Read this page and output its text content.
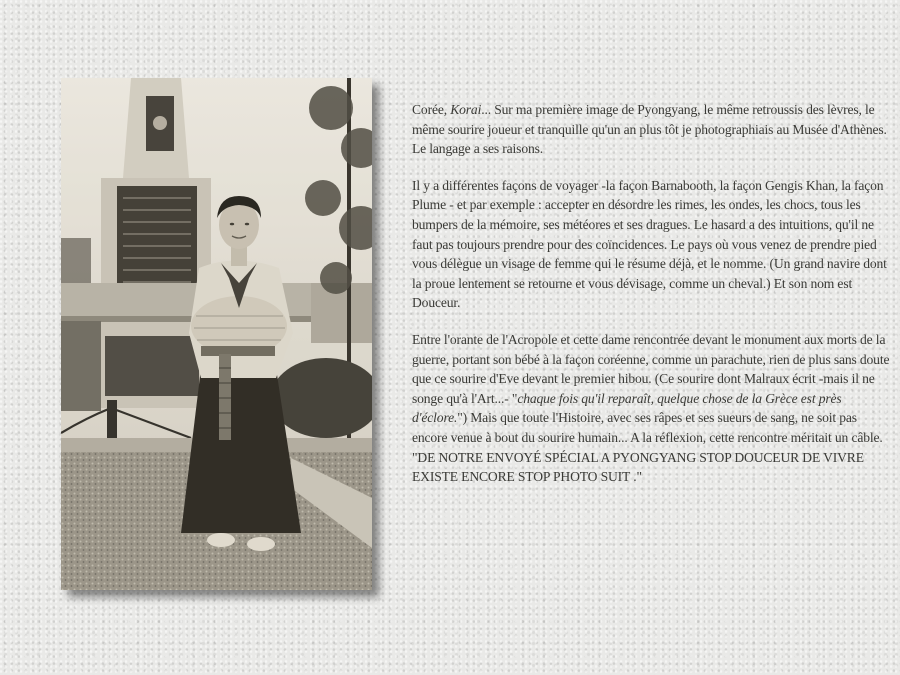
Corée, Korai... Sur ma première image de Pyongyang, le même retroussis des lèvres, le même sourire joueur et tranquille qu'un an plus tôt je photographiais au Musée d'Athènes. Le langage a ses raisons.

Il y a différentes façons de voyager -la façon Barnabooth, la façon Gengis Khan, la façon Plume - et par exemple : accepter en désordre les rimes, les ondes, les chocs, tous les bumpers de la mémoire, ses météores et ses dragues. Le hasard a des intuitions, qu'il ne faut pas toujours prendre pour des coïncidences. Le pays où vous venez de prendre pied vous délègue un visage de femme qui le résume déjà, et le nomme. (Un grand navire dont la proue lentement se retourne et vous dévisage, comme un cheval.) Et son nom est Douceur.

Entre l'orante de l'Acropole et cette dame rencontrée devant le monument aux morts de la guerre, portant son bébé à la façon coréenne, comme un parachute, rien de plus sans doute que ce sourire d'Eve devant le premier hibou. (Ce sourire dont Malraux écrit -mais il ne songe qu'à l'Art...- "chaque fois qu'il reparaît, quelque chose de la Grèce est près d'éclore.") Mais que toute l'Histoire, avec ses râpes et ses sueurs de sang, ne soit pas encore venue à bout du sourire humain... A la réflexion, cette rencontre méritait un câble. "DE NOTRE ENVOYÉ SPÉCIAL A PYONGYANG STOP DOUCEUR DE VIVRE EXISTE ENCORE STOP PHOTO SUIT ."
